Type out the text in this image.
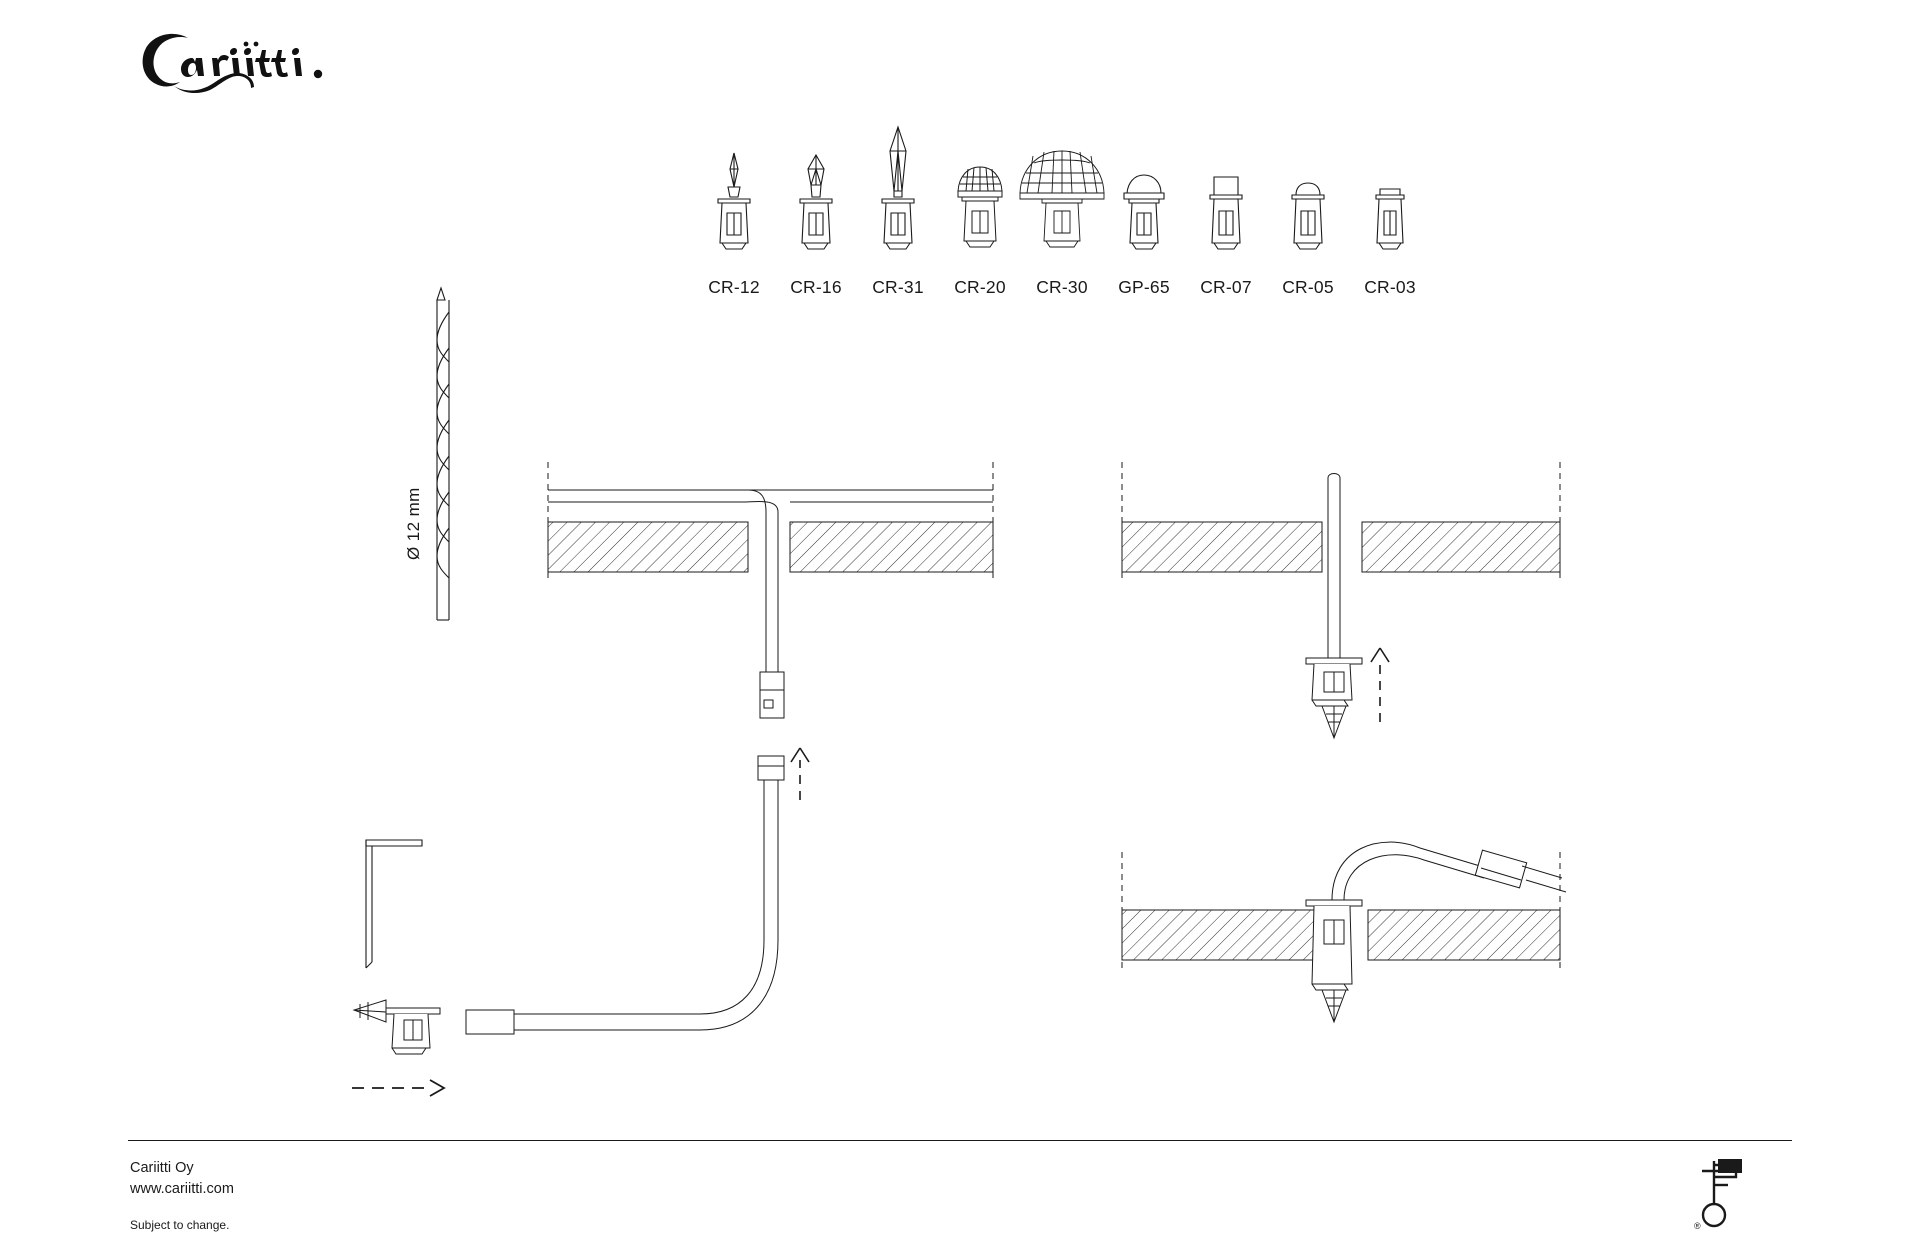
CR-12	CR-16	CR-31	CR-20	CR-30	GP-65	CR-07	CR-05	CR-03
Ø 12 mm
Cariitti Oy
www.cariitti.com
Subject to change.	®
